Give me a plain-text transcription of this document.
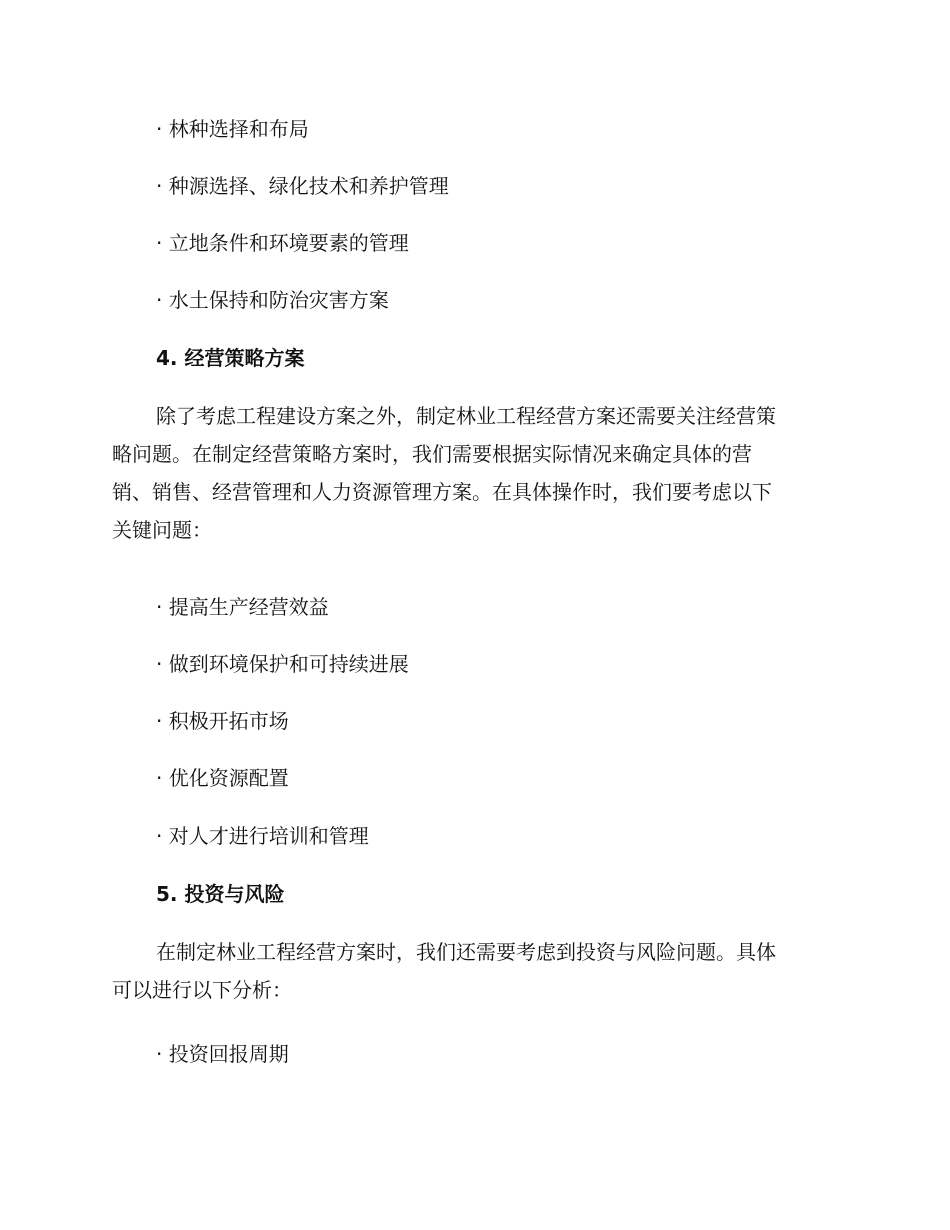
· 林种选择和布局
· 种源选择、绿化技术和养护管理
· 立地条件和环境要素的管理
· 水土保持和防治灾害方案
4. 经营策略方案
除了考虑工程建设方案之外，制定林业工程经营方案还需要关注经营策
略问题。在制定经营策略方案时，我们需要根据实际情况来确定具体的营
销、销售、经营管理和人力资源管理方案。在具体操作时，我们要考虑以下
关键问题：
· 提高生产经营效益
· 做到环境保护和可持续进展
· 积极开拓市场
· 优化资源配置
· 对人才进行培训和管理
5. 投资与风险
在制定林业工程经营方案时，我们还需要考虑到投资与风险问题。具体
可以进行以下分析：
· 投资回报周期
